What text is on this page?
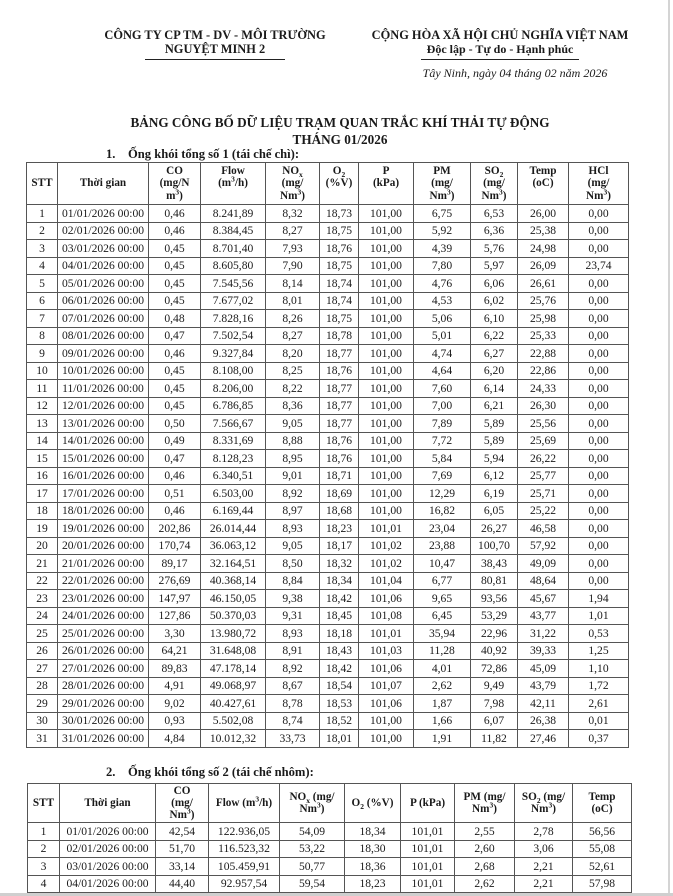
CÔNG TY CP TM - DV - MÔI TRƯỜNG
NGUYỆT MINH 2
CỘNG HÒA XÃ HỘI CHỦ NGHĨA VIỆT NAM
Độc lập - Tự do - Hạnh phúc
Tây Ninh, ngày 04 tháng 02 năm 2026
BẢNG CÔNG BỐ DỮ LIỆU TRẠM QUAN TRẮC KHÍ THẢI TỰ ĐỘNG
THÁNG 01/2026
1. Ống khói tổng số 1 (tái chế chì):
STT	Thời gian	CO
(mg/N
$m^3$)	Flow
$(m^3/h)$	$NO_x$
(mg/
Nm$^3$)	$O_2$
(%V)	P
(kPa)	PM
(mg/
Nm$^3$)	$SO_2$
(mg/
Nm$^3$)	Temp
(oC)	HCl
(mg/
Nm$^3$)
1	01/01/2026 00:00	0,46	8.241,89	8,32	18,73	101,00	6,75	6,53	26,00	0,00
2	02/01/2026 00:00	0,46	8.384,45	8,27	18,75	101,00	5,92	6,36	25,38	0,00
3	03/01/2026 00:00	0,45	8.701,40	7,93	18,76	101,00	4,39	5,76	24,98	0,00
4	04/01/2026 00:00	0,45	8.605,80	7,90	18,75	101,00	7,80	5,97	26,09	23,74
5	05/01/2026 00:00	0,45	7.545,56	8,14	18,74	101,00	4,76	6,06	26,61	0,00
6	06/01/2026 00:00	0,45	7.677,02	8,01	18,74	101,00	4,53	6,02	25,76	0,00
7	07/01/2026 00:00	0,48	7.828,16	8,26	18,75	101,00	5,06	6,10	25,98	0,00
8	08/01/2026 00:00	0,47	7.502,54	8,27	18,78	101,00	5,01	6,22	25,33	0,00
9	09/01/2026 00:00	0,46	9.327,84	8,20	18,77	101,00	4,74	6,27	22,88	0,00
10	10/01/2026 00:00	0,45	8.108,00	8,25	18,76	101,00	4,64	6,20	22,86	0,00
11	11/01/2026 00:00	0,45	8.206,00	8,22	18,77	101,00	7,60	6,14	24,33	0,00
12	12/01/2026 00:00	0,45	6.786,85	8,36	18,77	101,00	7,00	6,21	26,30	0,00
13	13/01/2026 00:00	0,50	7.566,67	9,05	18,77	101,00	7,89	5,89	25,56	0,00
14	14/01/2026 00:00	0,49	8.331,69	8,88	18,76	101,00	7,72	5,89	25,69	0,00
15	15/01/2026 00:00	0,47	8.128,23	8,95	18,76	101,00	5,84	5,94	26,22	0,00
16	16/01/2026 00:00	0,46	6.340,51	9,01	18,71	101,00	7,69	6,12	25,77	0,00
17	17/01/2026 00:00	0,51	6.503,00	8,92	18,69	101,00	12,29	6,19	25,71	0,00
18	18/01/2026 00:00	0,46	6.169,44	8,97	18,68	101,00	16,82	6,05	25,22	0,00
19	19/01/2026 00:00	202,86	26.014,44	8,93	18,23	101,01	23,04	26,27	46,58	0,00
20	20/01/2026 00:00	170,74	36.063,12	9,05	18,17	101,02	23,88	100,70	57,92	0,00
21	21/01/2026 00:00	89,17	32.164,51	8,50	18,32	101,02	10,47	38,43	49,09	0,00
22	22/01/2026 00:00	276,69	40.368,14	8,84	18,34	101,04	6,77	80,81	48,64	0,00
23	23/01/2026 00:00	147,97	46.150,05	9,38	18,42	101,06	9,65	93,56	45,67	1,94
24	24/01/2026 00:00	127,86	50.370,03	9,31	18,45	101,08	6,45	53,29	43,77	1,01
25	25/01/2026 00:00	3,30	13.980,72	8,93	18,18	101,01	35,94	22,96	31,22	0,53
26	26/01/2026 00:00	64,21	31.648,08	8,91	18,43	101,03	11,28	40,92	39,33	1,25
27	27/01/2026 00:00	89,83	47.178,14	8,92	18,42	101,06	4,01	72,86	45,09	1,10
28	28/01/2026 00:00	4,91	49.068,97	8,67	18,54	101,07	2,62	9,49	43,79	1,72
29	29/01/2026 00:00	9,02	40.427,61	8,78	18,53	101,06	1,87	7,98	42,11	2,61
30	30/01/2026 00:00	0,93	5.502,08	8,74	18,52	101,00	1,66	6,07	26,38	0,01
31	31/01/2026 00:00	4,84	10.012,32	33,73	18,01	101,00	1,91	11,82	27,46	0,37
2. Ống khói tổng số 2 (tái chế nhôm):
STT	Thời gian	CO
(mg/
Nm$^3$)	Flow $(m^3/h)$	$NO_x$ (mg/
Nm$^3$)	$O_2$ (%V)	P (kPa)	PM (mg/
Nm$^3$)	$SO_2$ (mg/
Nm$^3$)	Temp
(oC)
1	01/01/2026 00:00	42,54	122.936,05	54,09	18,34	101,01	2,55	2,78	56,56
2	02/01/2026 00:00	51,70	116.523,32	53,22	18,30	101,01	2,60	3,06	55,08
3	03/01/2026 00:00	33,14	105.459,91	50,77	18,36	101,01	2,68	2,21	52,61
4	04/01/2026 00:00	44,40	92.957,54	59,54	18,23	101,01	2,62	2,21	57,98
